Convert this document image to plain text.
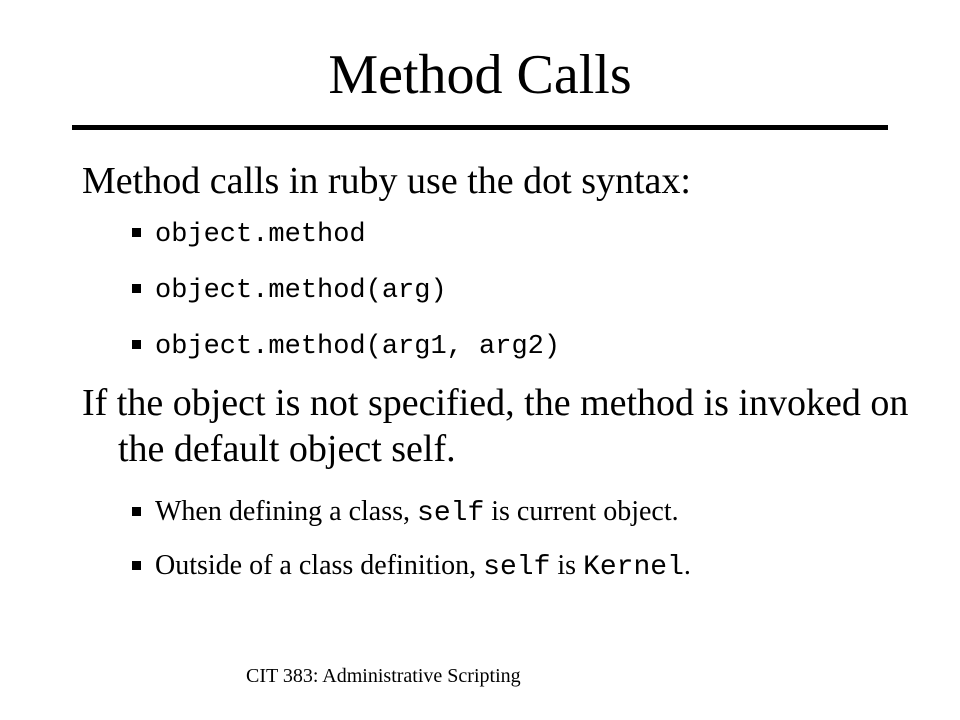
Method Calls
Method calls in ruby use the dot syntax:
object.method
object.method(arg)
object.method(arg1, arg2)
If the object is not specified, the method is invoked on the default object self.
When defining a class, self is current object.
Outside of a class definition, self is Kernel.
CIT 383: Administrative Scripting
